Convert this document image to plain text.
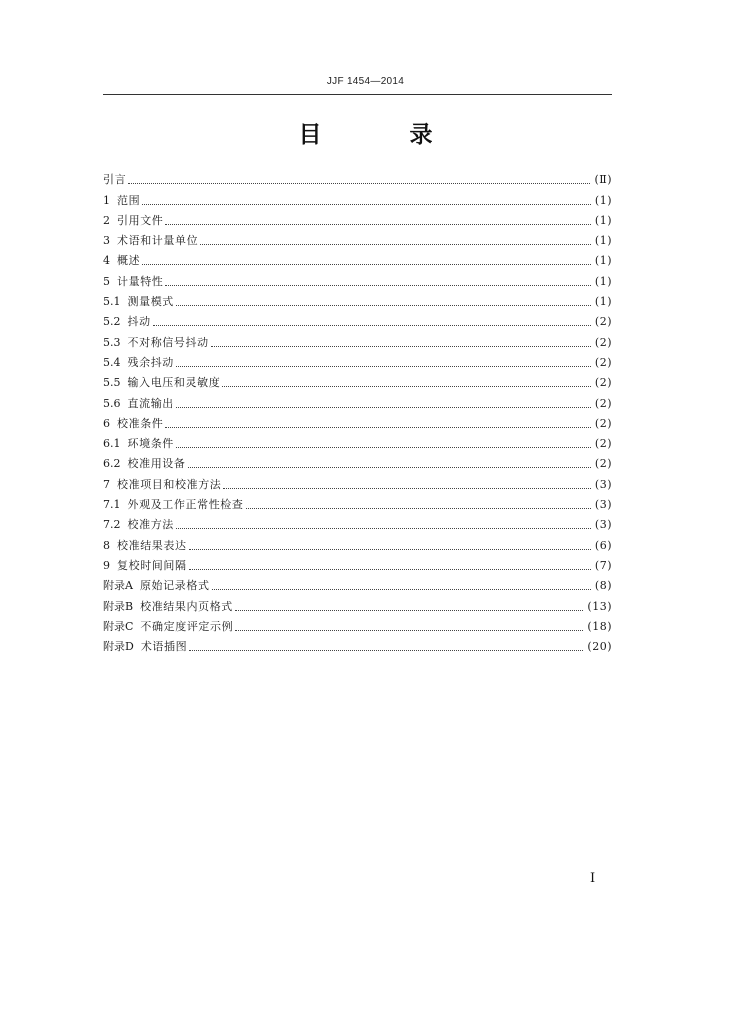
JJF 1454—2014
目 录
引言	(Ⅱ)
1 范围	(1)
2 引用文件	(1)
3 术语和计量单位	(1)
4 概述	(1)
5 计量特性	(1)
5.1 测量模式	(1)
5.2 抖动	(2)
5.3 不对称信号抖动	(2)
5.4 残余抖动	(2)
5.5 输入电压和灵敏度	(2)
5.6 直流输出	(2)
6 校准条件	(2)
6.1 环境条件	(2)
6.2 校准用设备	(2)
7 校准项目和校准方法	(3)
7.1 外观及工作正常性检查	(3)
7.2 校准方法	(3)
8 校准结果表达	(6)
9 复校时间间隔	(7)
附录A 原始记录格式	(8)
附录B 校准结果内页格式	(13)
附录C 不确定度评定示例	(18)
附录D 术语插图	(20)
I
